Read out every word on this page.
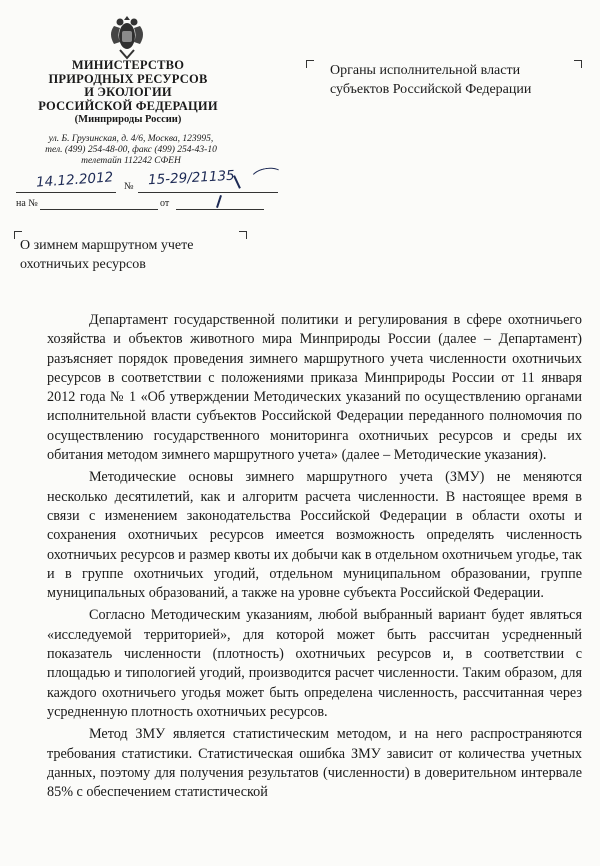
МИНИСТЕРСТВО
ПРИРОДНЫХ РЕСУРСОВ
И ЭКОЛОГИИ
РОССИЙСКОЙ ФЕДЕРАЦИИ
(Минприроды России)
ул. Б. Грузинская, д. 4/6, Москва, 123995,
тел. (499) 254-48-00, факс (499) 254-43-10
телетайп 112242 СФЕН
14.12.2012 № 15-29/21135
на №	от
Органы исполнительной власти
субъектов Российской Федерации
О зимнем маршрутном учете
охотничьих ресурсов

Департамент государственной политики и регулирования в сфере охотничьего хозяйства и объектов животного мира Минприроды России (далее – Департамент) разъясняет порядок проведения зимнего маршрутного учета численности охотничьих ресурсов в соответствии с положениями приказа Минприроды России от 11 января 2012 года № 1 «Об утверждении Методических указаний по осуществлению органами исполнительной власти субъектов Российской Федерации переданного полномочия по осуществлению государственного мониторинга охотничьих ресурсов и среды их обитания методом зимнего маршрутного учета» (далее – Методические указания).

Методические основы зимнего маршрутного учета (ЗМУ) не меняются несколько десятилетий, как и алгоритм расчета численности. В настоящее время в связи с изменением законодательства Российской Федерации в области охоты и сохранения охотничьих ресурсов имеется возможность определять численность охотничьих ресурсов и размер квоты их добычи как в отдельном охотничьем угодье, так и в группе охотничьих угодий, отдельном муниципальном образовании, группе муниципальных образований, а также на уровне субъекта Российской Федерации.

Согласно Методическим указаниям, любой выбранный вариант будет являться «исследуемой территорией», для которой может быть рассчитан усредненный показатель численности (плотность) охотничьих ресурсов и, в соответствии с площадью и типологией угодий, производится расчет численности. Таким образом, для каждого охотничьего угодья может быть определена численность, рассчитанная через усредненную плотность охотничьих ресурсов.

Метод ЗМУ является статистическим методом, и на него распространяются требования статистики. Статистическая ошибка ЗМУ зависит от количества учетных данных, поэтому для получения результатов (численности) в доверительном интервале 85% с обеспечением статистической
